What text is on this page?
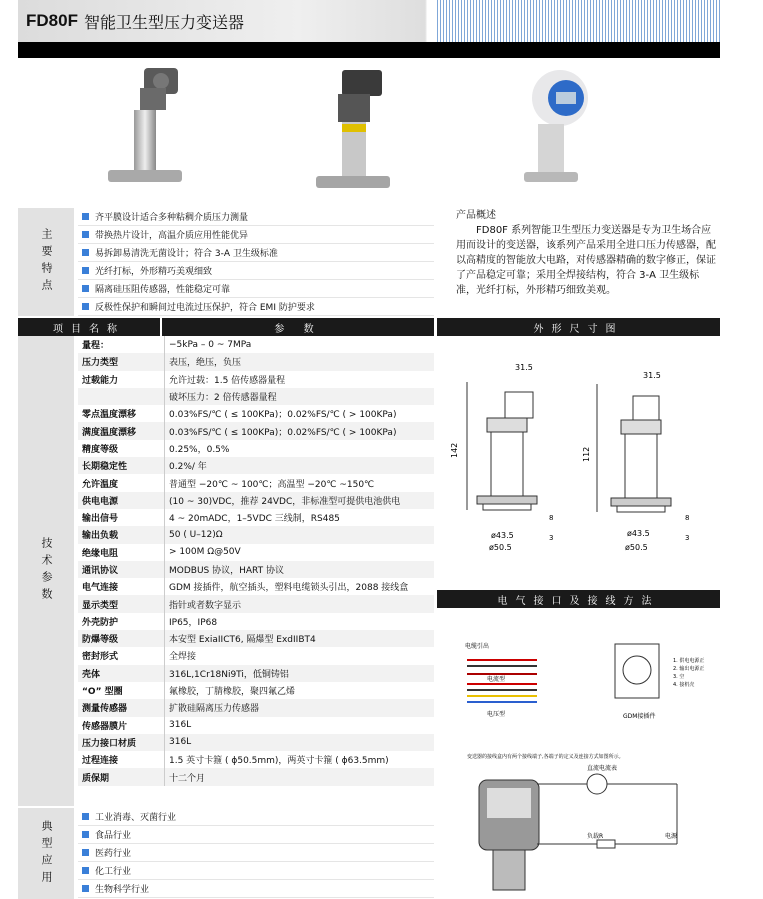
FD80F 智能卫生型压力变送器
主要特点
齐平膜设计适合多种粘稠介质压力测量
带换热片设计，高温介质应用性能优异
易拆卸易清洗无菌设计；符合 3-A 卫生级标准
光纤打标，外形精巧美观细致
隔离硅压阻传感器，性能稳定可靠
反极性保护和瞬间过电流过压保护，符合 EMI 防护要求
产品概述
FD80F 系列智能卫生型压力变送器是专为卫生场合应用而设计的变送器，该系列产品采用全进口压力传感器，配以高精度的智能放大电路，对传感器精确的数字修正，保证了产品稳定可靠；采用全焊接结构，符合 3-A 卫生级标准，光纤打标，外形精巧细致美观。
项目名称	参 数	外形尺寸图
技术参数
量程：	−5kPa – 0 ~ 7MPa
压力类型	表压，绝压，负压
过载能力	允许过载：1.5 倍传感器量程
破坏压力：2 倍传感器量程
零点温度漂移	0.03%FS/℃ ( ≤ 100KPa)；0.02%FS/℃ ( > 100KPa)
满度温度漂移	0.03%FS/℃ ( ≤ 100KPa)；0.02%FS/℃ ( > 100KPa)
精度等级	0.25%，0.5%
长期稳定性	0.2%/ 年
允许温度	普通型 −20℃ ~ 100℃；高温型 −20℃ ~150℃
供电电源	(10 ~ 30)VDC，推荐 24VDC，非标准型可提供电池供电
输出信号	4 ~ 20mADC，1–5VDC 三线制，RS485
输出负载	50 ( U–12)Ω
绝缘电阻	> 100M Ω@50V
通讯协议	MODBUS 协议，HART 协议
电气连接	GDM 接插件，航空插头，塑料电缆锁头引出，2088 接线盒
显示类型	指针或者数字显示
外壳防护	IP65，IP68
防爆等级	本安型 ExiaIICT6, 隔爆型 ExdIIBT4
密封形式	全焊接
壳体	316L,1Cr18Ni9Ti，低铜铸铝
“O” 型圈	氟橡胶，丁腈橡胶，聚四氟乙烯
测量传感器	扩散硅隔离压力传感器
传感器膜片	316L
压力接口材质	316L
过程连接	1.5 英寸卡箍 ( ϕ50.5mm)，两英寸卡箍 ( ϕ63.5mm)
质保期	十二个月
31.5
31.5
142	112
ø43.5
ø50.5
ø43.5
ø50.5
3
8
3
8
电气接口及接线方法
电缆引出
电流型
电压型	GDM接插件
1. 供电电源正
2. 输出电源正
3. 空
4. 接机壳
变送器的接线盒内有两个接线端子,各端子的定义及连接方式如图所示。
直流电流表
负载R	电源
典型应用
工业消毒、灭菌行业
食品行业
医药行业
化工行业
生物科学行业
